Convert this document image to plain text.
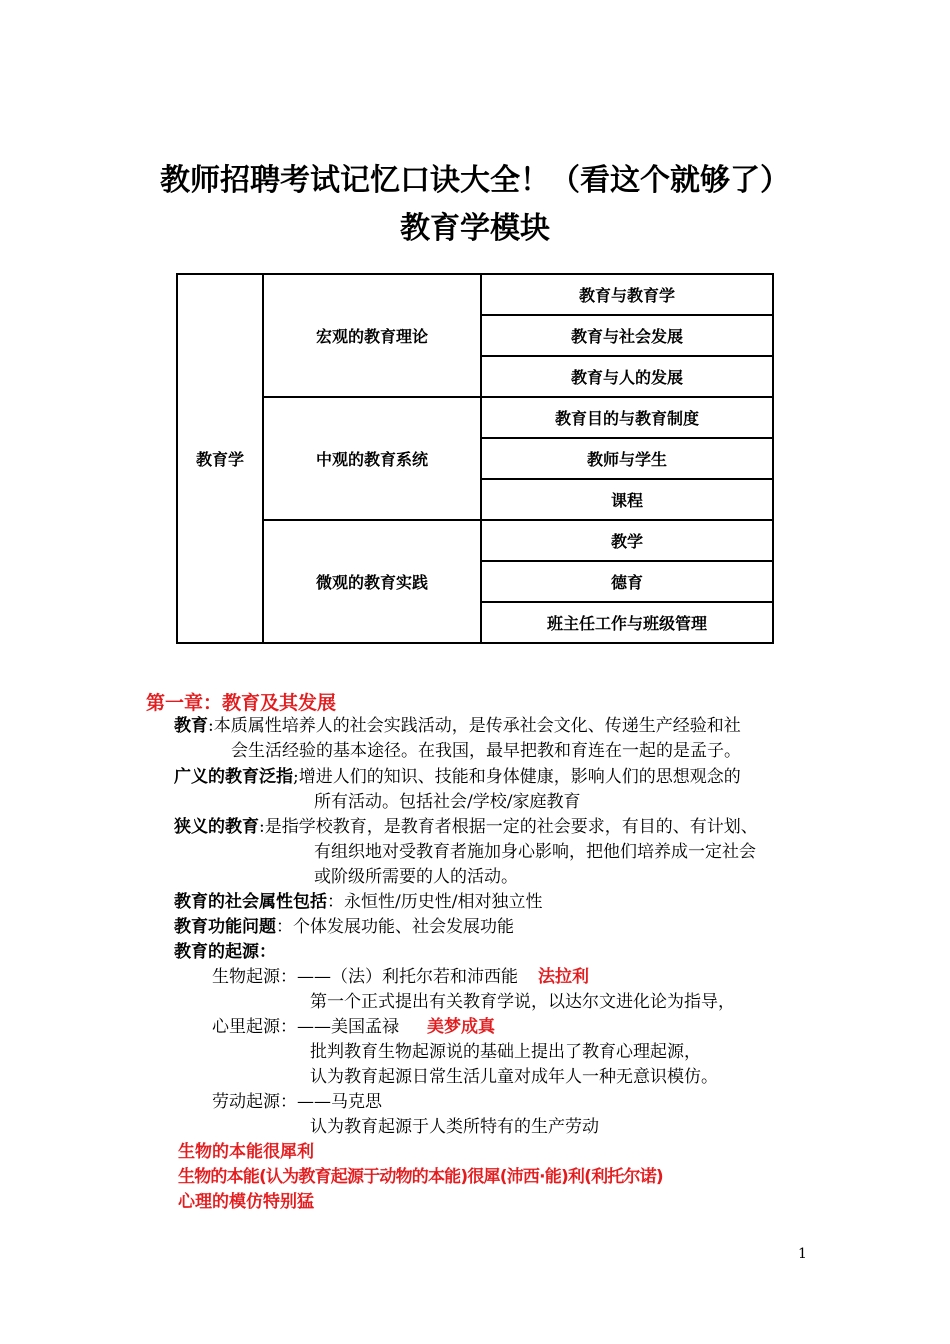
教师招聘考试记忆口诀大全！（看这个就够了）
教育学模块
教育学	宏观的教育理论	教育与教育学
		教育与社会发展
		教育与人的发展
	中观的教育系统	教育目的与教育制度
		教师与学生
		课程
	微观的教育实践	教学
		德育
		班主任工作与班级管理
第一章：教育及其发展
教育:本质属性培养人的社会实践活动，是传承社会文化、传递生产经验和社
会生活经验的基本途径。在我国，最早把教和育连在一起的是孟子。
广义的教育泛指;增进人们的知识、技能和身体健康，影响人们的思想观念的
所有活动。包括社会/学校/家庭教育
狭义的教育:是指学校教育，是教育者根据一定的社会要求，有目的、有计划、
有组织地对受教育者施加身心影响，把他们培养成一定社会
或阶级所需要的人的活动。
教育的社会属性包括：永恒性/历史性/相对独立性
教育功能问题：个体发展功能、社会发展功能
教育的起源：
生物起源：——（法）利托尔若和沛西能 法拉利
第一个正式提出有关教育学说，以达尔文进化论为指导，
心里起源：——美国孟禄 美梦成真
批判教育生物起源说的基础上提出了教育心理起源，
认为教育起源日常生活儿童对成年人一种无意识模仿。
劳动起源：——马克思
认为教育起源于人类所特有的生产劳动
生物的本能很犀利
生物的本能(认为教育起源于动物的本能)很犀(沛西·能)利(利托尔诺)
心理的模仿特别猛
1
